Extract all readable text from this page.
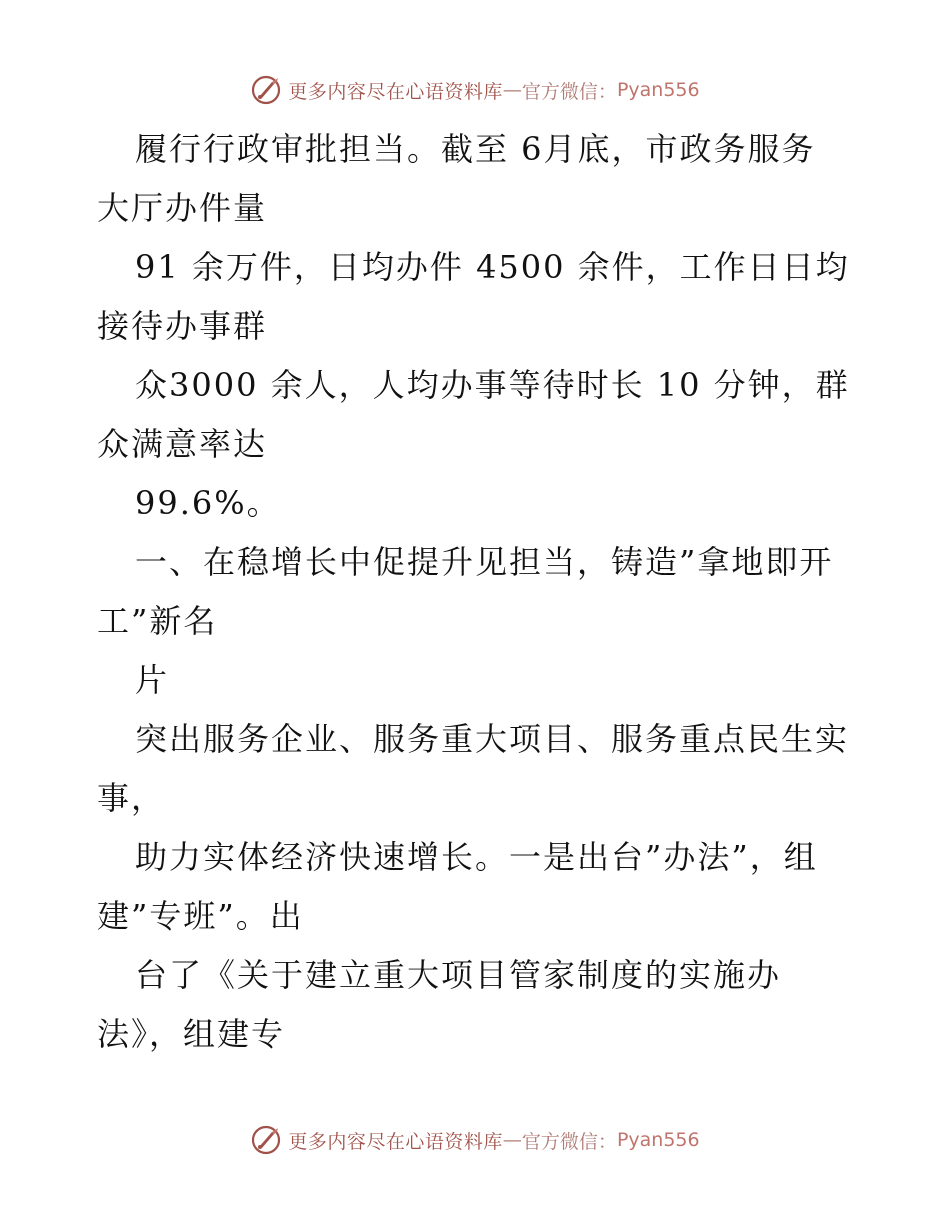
更多内容尽在心语资料库 — 官方微信： Pyan556
履行行政审批担当。截至 6月底，市政务服务
大厅办件量
91 余万件，日均办件 4500 余件，工作日日均
接待办事群
众3000 余人，人均办事等待时长 10 分钟，群
众满意率达
99.6%。
一、在稳增长中促提升见担当，铸造”拿地即开
工”新名
片
突出服务企业、服务重大项目、服务重点民生实
事，
助力实体经济快速增长。一是出台”办法”，组
建”专班”。出
台了《关于建立重大项目管家制度的实施办
法》，组建专
更多内容尽在心语资料库 — 官方微信： Pyan556
